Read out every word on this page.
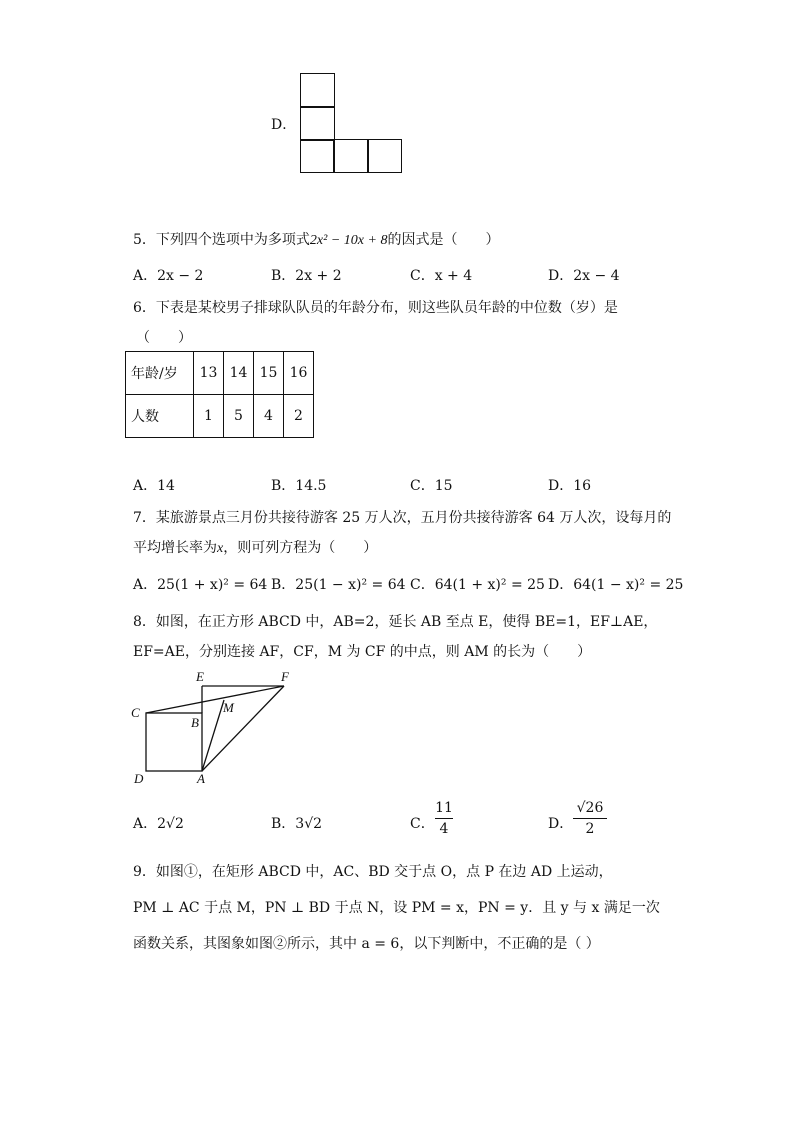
D．
5．下列四个选项中为多项式2x² − 10x + 8的因式是（　　）
A．2x − 2	B．2x + 2	C．x + 4	D．2x − 4
6．下表是某校男子排球队队员的年龄分布，则这些队员年龄的中位数（岁）是
（　　）
年龄/岁	13	14	15	16
人数	1	5	4	2
A．14	B．14.5	C．15	D．16
7．某旅游景点三月份共接待游客 25 万人次，五月份共接待游客 64 万人次，设每月的
平均增长率为x，则可列方程为（　　）
A．25(1 + x)² = 64 B．25(1 − x)² = 64 C．64(1 + x)² = 25 D．64(1 − x)² = 25
8．如图，在正方形 ABCD 中，AB=2，延长 AB 至点 E，使得 BE=1，EF⊥AE，
EF=AE，分别连接 AF，CF，M 为 CF 的中点，则 AM 的长为（　　）
E	F
C
B
M
D	A
A．2√2	B．3√2	C．
11
4	D．
√26
2
9．如图①，在矩形 ABCD 中，AC、BD 交于点 O，点 P 在边 AD 上运动，
PM ⊥ AC 于点 M，PN ⊥ BD 于点 N，设 PM = x，PN = y．且 y 与 x 满足一次
函数关系，其图象如图②所示，其中 a = 6，以下判断中，不正确的是（ ）
